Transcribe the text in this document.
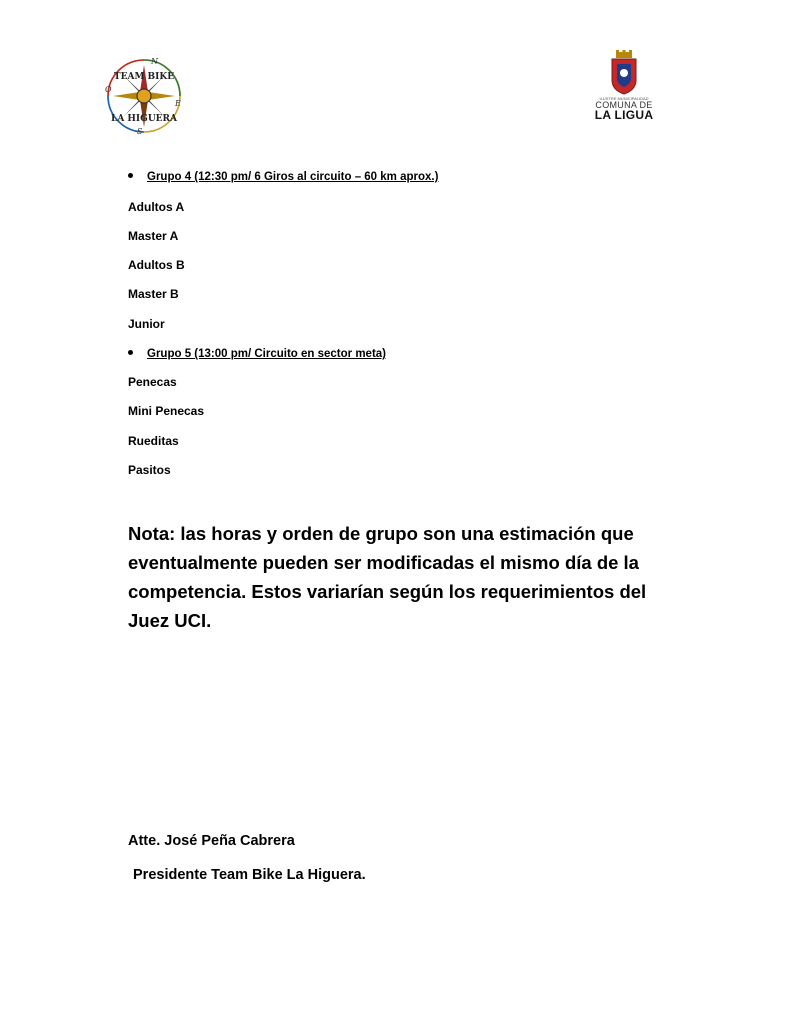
TEAM BIKE
LA HIGUERA
N
O
E
S
ILUSTRE MUNICIPALIDAD
COMUNA DE
LA LIGUA
Grupo 4 (12:30 pm/ 6 Giros al circuito – 60 km aprox.)
Adultos A
Master A
Adultos B
Master B
Junior
Grupo 5 (13:00 pm/ Circuito en sector meta)
Penecas
Mini Penecas
Rueditas
Pasitos
Nota: las horas y orden de grupo son una estimación que eventualmente pueden ser modificadas el mismo día de la competencia. Estos variarían según los requerimientos del Juez UCI.
Atte. José Peña Cabrera
Presidente Team Bike La Higuera.
